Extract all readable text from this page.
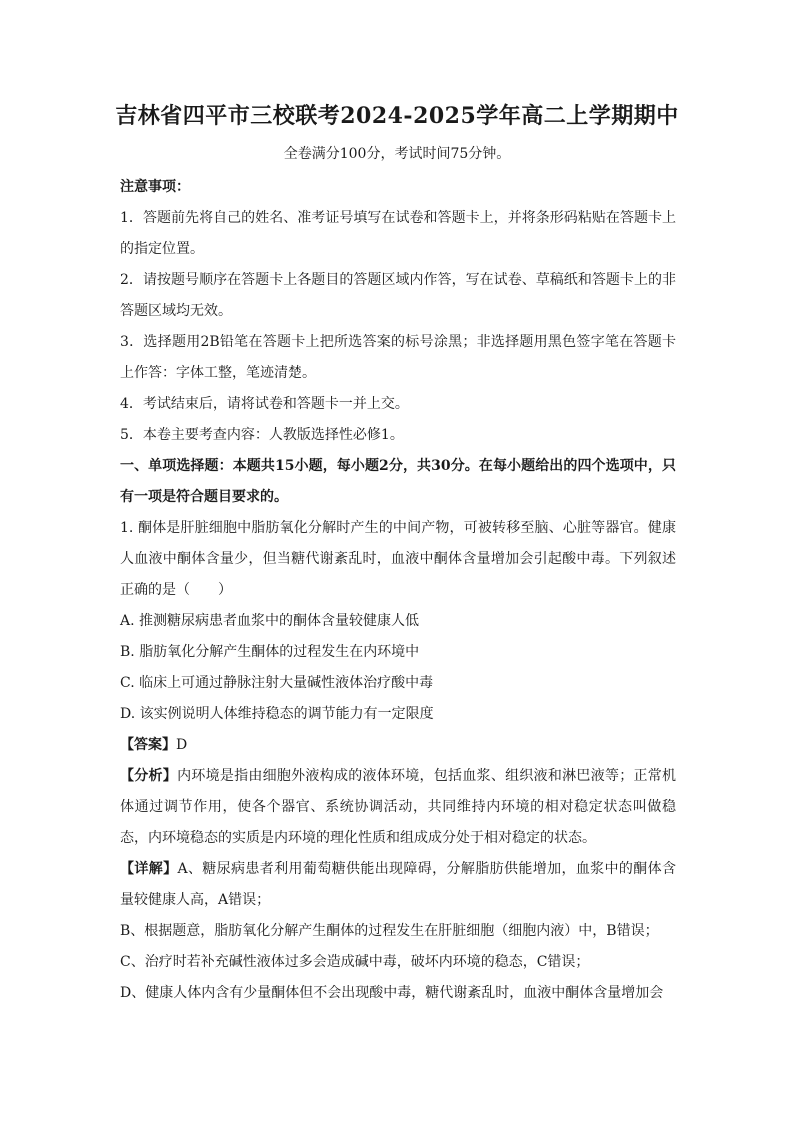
吉林省四平市三校联考2024-2025学年高二上学期期中
全卷满分100分，考试时间75分钟。

注意事项：

1．答题前先将自己的姓名、准考证号填写在试卷和答题卡上，并将条形码粘贴在答题卡上的指定位置。

2．请按题号顺序在答题卡上各题目的答题区域内作答，写在试卷、草稿纸和答题卡上的非答题区域均无效。

3．选择题用2B铅笔在答题卡上把所选答案的标号涂黑；非选择题用黑色签字笔在答题卡上作答：字体工整，笔迹清楚。

4．考试结束后，请将试卷和答题卡一并上交。

5．本卷主要考查内容：人教版选择性必修1。

一、单项选择题：本题共15小题，每小题2分，共30分。在每小题给出的四个选项中，只有一项是符合题目要求的。

1. 酮体是肝脏细胞中脂肪氧化分解时产生的中间产物，可被转移至脑、心脏等器官。健康人血液中酮体含量少，但当糖代谢紊乱时，血液中酮体含量增加会引起酸中毒。下列叙述正确的是（　　）

A. 推测糖尿病患者血浆中的酮体含量较健康人低

B. 脂肪氧化分解产生酮体的过程发生在内环境中

C. 临床上可通过静脉注射大量碱性液体治疗酸中毒

D. 该实例说明人体维持稳态的调节能力有一定限度

【答案】D

【分析】内环境是指由细胞外液构成的液体环境，包括血浆、组织液和淋巴液等；正常机体通过调节作用，使各个器官、系统协调活动，共同维持内环境的相对稳定状态叫做稳态，内环境稳态的实质是内环境的理化性质和组成成分处于相对稳定的状态。

【详解】A、糖尿病患者利用葡萄糖供能出现障碍，分解脂肪供能增加，血浆中的酮体含量较健康人高，A错误；

B、根据题意，脂肪氧化分解产生酮体的过程发生在肝脏细胞（细胞内液）中，B错误；

C、治疗时若补充碱性液体过多会造成碱中毒，破坏内环境的稳态，C错误；

D、健康人体内含有少量酮体但不会出现酸中毒，糖代谢紊乱时，血液中酮体含量增加会
